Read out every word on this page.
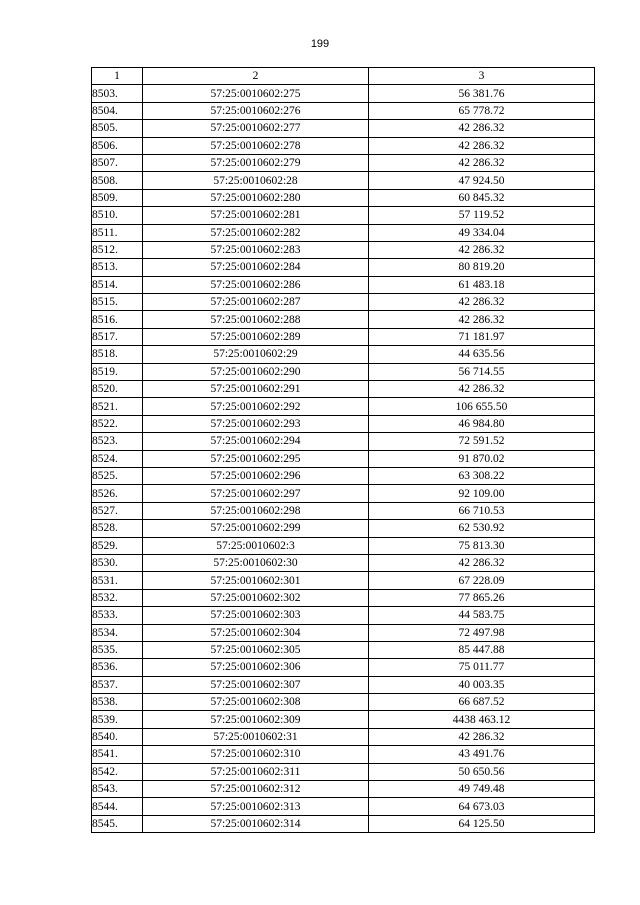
199
1	2	3
8503.	57:25:0010602:275	56 381.76
8504.	57:25:0010602:276	65 778.72
8505.	57:25:0010602:277	42 286.32
8506.	57:25:0010602:278	42 286.32
8507.	57:25:0010602:279	42 286.32
8508.	57:25:0010602:28	47 924.50
8509.	57:25:0010602:280	60 845.32
8510.	57:25:0010602:281	57 119.52
8511.	57:25:0010602:282	49 334.04
8512.	57:25:0010602:283	42 286.32
8513.	57:25:0010602:284	80 819.20
8514.	57:25:0010602:286	61 483.18
8515.	57:25:0010602:287	42 286.32
8516.	57:25:0010602:288	42 286.32
8517.	57:25:0010602:289	71 181.97
8518.	57:25:0010602:29	44 635.56
8519.	57:25:0010602:290	56 714.55
8520.	57:25:0010602:291	42 286.32
8521.	57:25:0010602:292	106 655.50
8522.	57:25:0010602:293	46 984.80
8523.	57:25:0010602:294	72 591.52
8524.	57:25:0010602:295	91 870.02
8525.	57:25:0010602:296	63 308.22
8526.	57:25:0010602:297	92 109.00
8527.	57:25:0010602:298	66 710.53
8528.	57:25:0010602:299	62 530.92
8529.	57:25:0010602:3	75 813.30
8530.	57:25:0010602:30	42 286.32
8531.	57:25:0010602:301	67 228.09
8532.	57:25:0010602:302	77 865.26
8533.	57:25:0010602:303	44 583.75
8534.	57:25:0010602:304	72 497.98
8535.	57:25:0010602:305	85 447.88
8536.	57:25:0010602:306	75 011.77
8537.	57:25:0010602:307	40 003.35
8538.	57:25:0010602:308	66 687.52
8539.	57:25:0010602:309	4438 463.12
8540.	57:25:0010602:31	42 286.32
8541.	57:25:0010602:310	43 491.76
8542.	57:25:0010602:311	50 650.56
8543.	57:25:0010602:312	49 749.48
8544.	57:25:0010602:313	64 673.03
8545.	57:25:0010602:314	64 125.50
